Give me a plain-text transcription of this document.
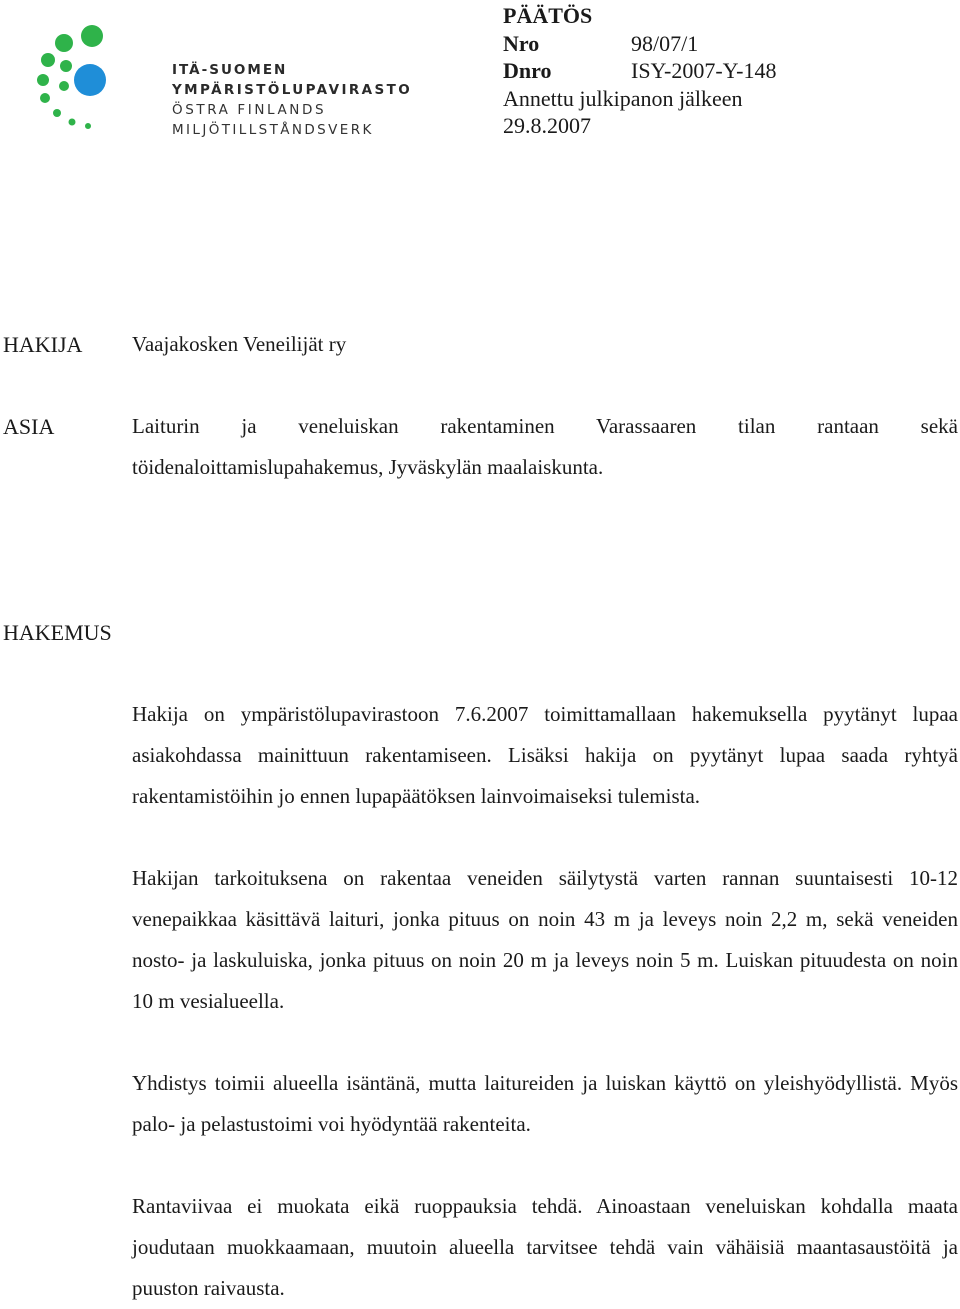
ITÄ-SUOMEN
YMPÄRISTÖLUPAVIRASTO
ÖSTRA FINLANDS
MILJÖTILLSTÅNDSVERK
PÄÄTÖS
Nro	98/07/1
Dnro	ISY-2007-Y-148
Annettu julkipanon jälkeen
29.8.2007
HAKIJA Vaajakosken Veneilijät ry
ASIA	Laiturin ja veneluiskan rakentaminen Varassaaren tilan rantaan sekä töidenaloittamislupahakemus, Jyväskylän maalaiskunta.
HAKEMUS

Hakija on ympäristölupavirastoon 7.6.2007 toimittamallaan hakemuksella pyytänyt lupaa asiakohdassa mainittuun rakentamiseen. Lisäksi hakija on pyytänyt lupaa saada ryhtyä rakentamistöihin jo ennen lupapäätöksen lainvoimaiseksi tulemista.

Hakijan tarkoituksena on rakentaa veneiden säilytystä varten rannan suuntaisesti 10-12 venepaikkaa käsittävä laituri, jonka pituus on noin 43 m ja leveys noin 2,2 m, sekä veneiden nosto- ja laskuluiska, jonka pituus on noin 20 m ja leveys noin 5 m. Luiskan pituudesta on noin 10 m vesialueella.

Yhdistys toimii alueella isäntänä, mutta laitureiden ja luiskan käyttö on yleishyödyllistä. Myös palo- ja pelastustoimi voi hyödyntää rakenteita.

Rantaviivaa ei muokata eikä ruoppauksia tehdä. Ainoastaan veneluiskan kohdalla maata joudutaan muokkaamaan, muutoin alueella tarvitsee tehdä vain vähäisiä maantasaustöitä ja puuston raivausta.
